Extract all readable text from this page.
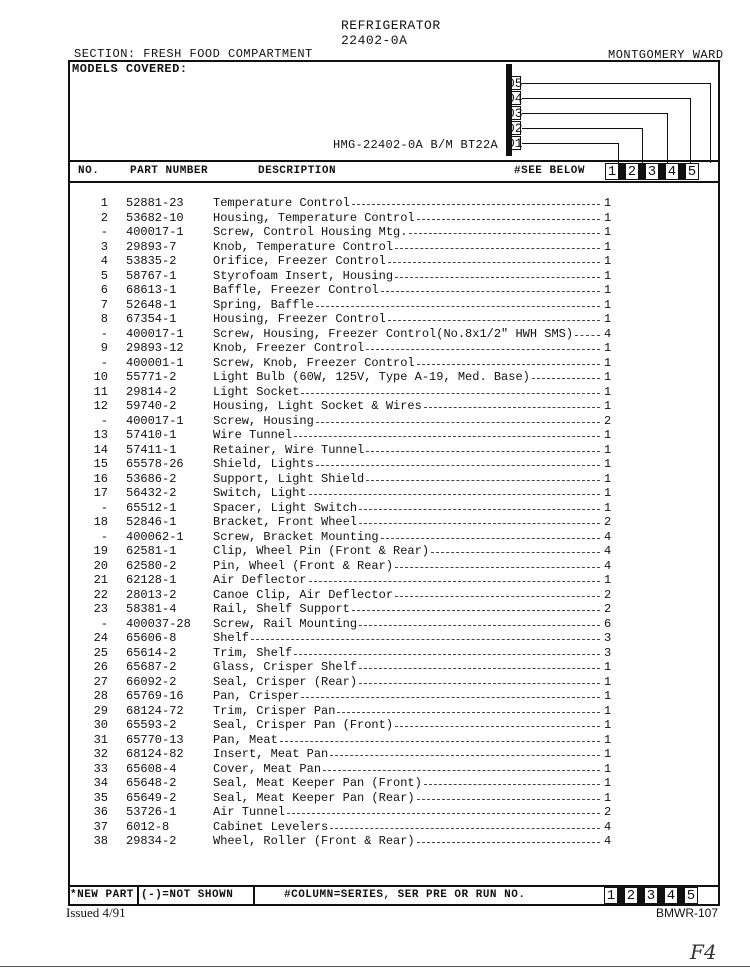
REFRIGERATOR
22402-0A
SECTION: FRESH FOOD COMPARTMENT	MONTGOMERY WARD
MODELS COVERED:
05
04
03
02
01
HMG-22402-0A B/M BT22A
NO.	PART NUMBER	DESCRIPTION	#SEE BELOW 1 2 3 4 5
1 52881-23 Temperature Control	1
2 53682-10 Housing, Temperature Control	1
- 400017-1 Screw, Control Housing Mtg.	1
3 29893-7	Knob, Temperature Control	1
4 53835-2	Orifice, Freezer Control	1
5 58767-1	Styrofoam Insert, Housing	1
6 68613-1	Baffle, Freezer Control	1
7 52648-1	Spring, Baffle	1
8 67354-1	Housing, Freezer Control	1
- 400017-1 Screw, Housing, Freezer Control(No.8x1/2" HWH SMS)	4
9 29893-12 Knob, Freezer Control	1
- 400001-1 Screw, Knob, Freezer Control	1
10 55771-2	Light Bulb (60W, 125V, Type A-19, Med. Base)	1
11 29814-2	Light Socket	1
12 59740-2	Housing, Light Socket & Wires	1
- 400017-1 Screw, Housing	2
13 57410-1	Wire Tunnel	1
14 57411-1	Retainer, Wire Tunnel	1
15 65578-26 Shield, Lights	1
16 53686-2	Support, Light Shield	1
17 56432-2	Switch, Light	1
- 65512-1	Spacer, Light Switch	1
18 52846-1	Bracket, Front Wheel	2
- 400062-1 Screw, Bracket Mounting	4
19 62581-1	Clip, Wheel Pin (Front & Rear)	4
20 62580-2	Pin, Wheel (Front & Rear)	4
21 62128-1	Air Deflector	1
22 28013-2	Canoe Clip, Air Deflector	2
23 58381-4	Rail, Shelf Support	2
- 400037-28 Screw, Rail Mounting	6
24 65606-8	Shelf	3
25 65614-2	Trim, Shelf	3
26 65687-2	Glass, Crisper Shelf	1
27 66092-2	Seal, Crisper (Rear)	1
28 65769-16 Pan, Crisper	1
29 68124-72 Trim, Crisper Pan	1
30 65593-2	Seal, Crisper Pan (Front)	1
31 65770-13 Pan, Meat	1
32 68124-82 Insert, Meat Pan	1
33 65608-4	Cover, Meat Pan	1
34 65648-2	Seal, Meat Keeper Pan (Front)	1
35 65649-2	Seal, Meat Keeper Pan (Rear)	1
36 53726-1	Air Tunnel	2
37 6012-8	Cabinet Levelers	4
38 29834-2	Wheel, Roller (Front & Rear)	4
*NEW PART (-)=NOT SHOWN	#COLUMN=SERIES, SER PRE OR RUN NO.	1 2 3 4 5
Issued 4/91	BMWR-107
F4
